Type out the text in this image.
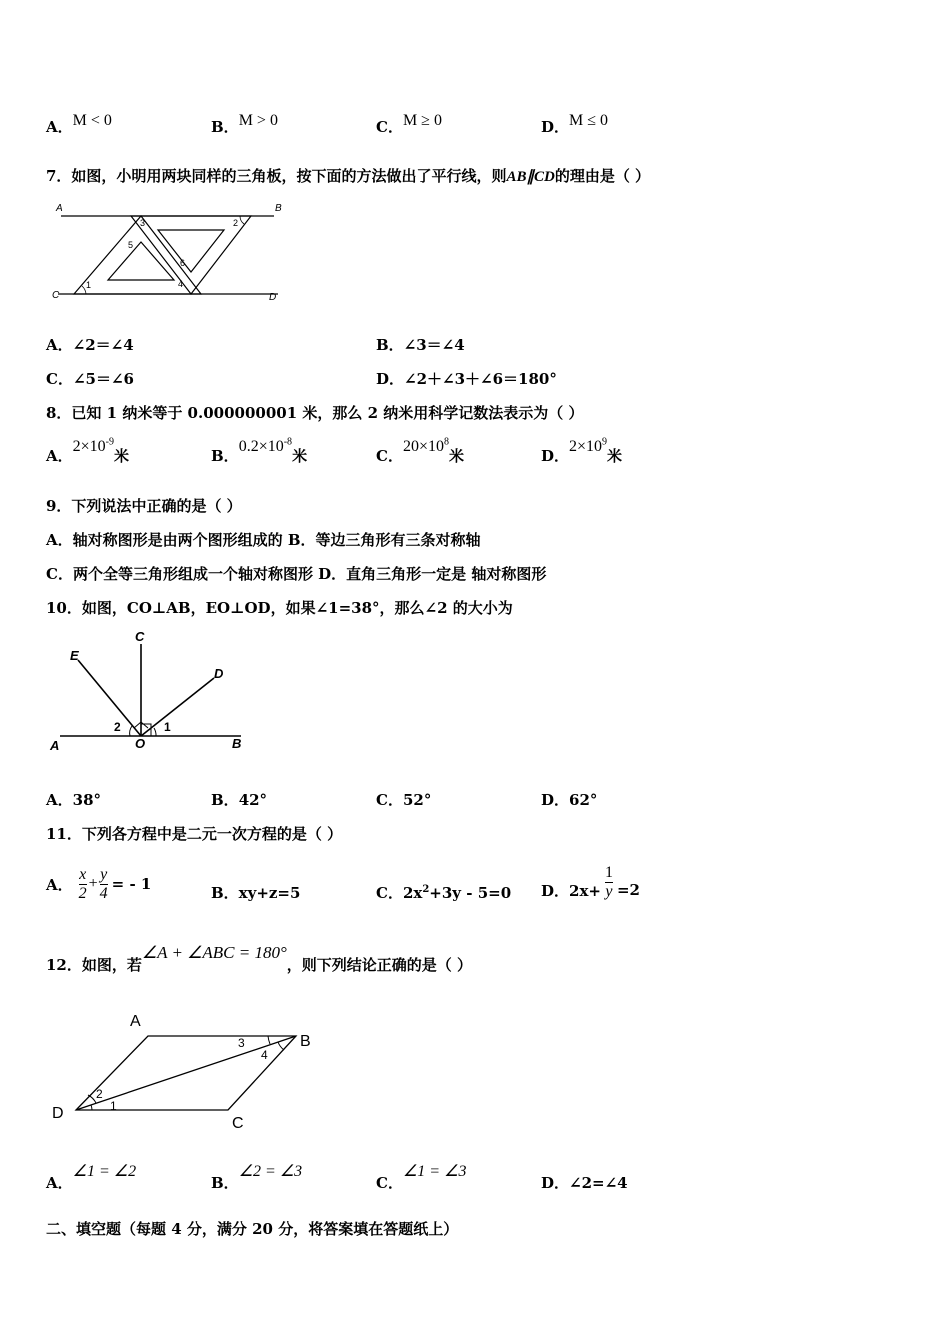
A．M < 0	B．M > 0	C．M ≥ 0	D．M ≤ 0
7．如图，小明用两块同样的三角板，按下面的方法做出了平行线，则AB∥CD的理由是（ ）
A	B
C	D
1
2
3
4
5
6
A．∠2＝∠4	B．∠3＝∠4
C．∠5＝∠6	D．∠2＋∠3＋∠6＝180°
8．已知 1 纳米等于 0.000000001 米，那么 2 纳米用科学记数法表示为（ ）
A．$2\times 10^{-9}$米	B．$0.2\times 10^{-8}$米	C．$20\times 10^8$米	D．$2\times 10^9$米
9．下列说法中正确的是（ ）
A．轴对称图形是由两个图形组成的 B．等边三角形有三条对称轴
C．两个全等三角形组成一个轴对称图形 D．直角三角形一定是 轴对称图形
10．如图，CO⊥AB，EO⊥OD，如果∠1=38°，那么∠2 的大小为
A	B
C
D
E
O
1
2
A．38°	B．42°	C．52°	D．62°
11．下列各方程中是二元一次方程的是（ ）
A． $\frac{x}{2} + \frac{y}{4}$ = - 1	B．xy+z=5	C．$2x^2+3y - 5=0$ D．$2x+ \frac{1}{y} =2$
12．如图，若∠A + ∠ABC = 180°，则下列结论正确的是（ ）
A
B
C
D	1
2
3
4
A．∠1 = ∠2
B．∠2 = ∠3
C．∠1 = ∠3
D．∠2=∠4
二、填空题（每题 4 分，满分 20 分，将答案填在答题纸上）
